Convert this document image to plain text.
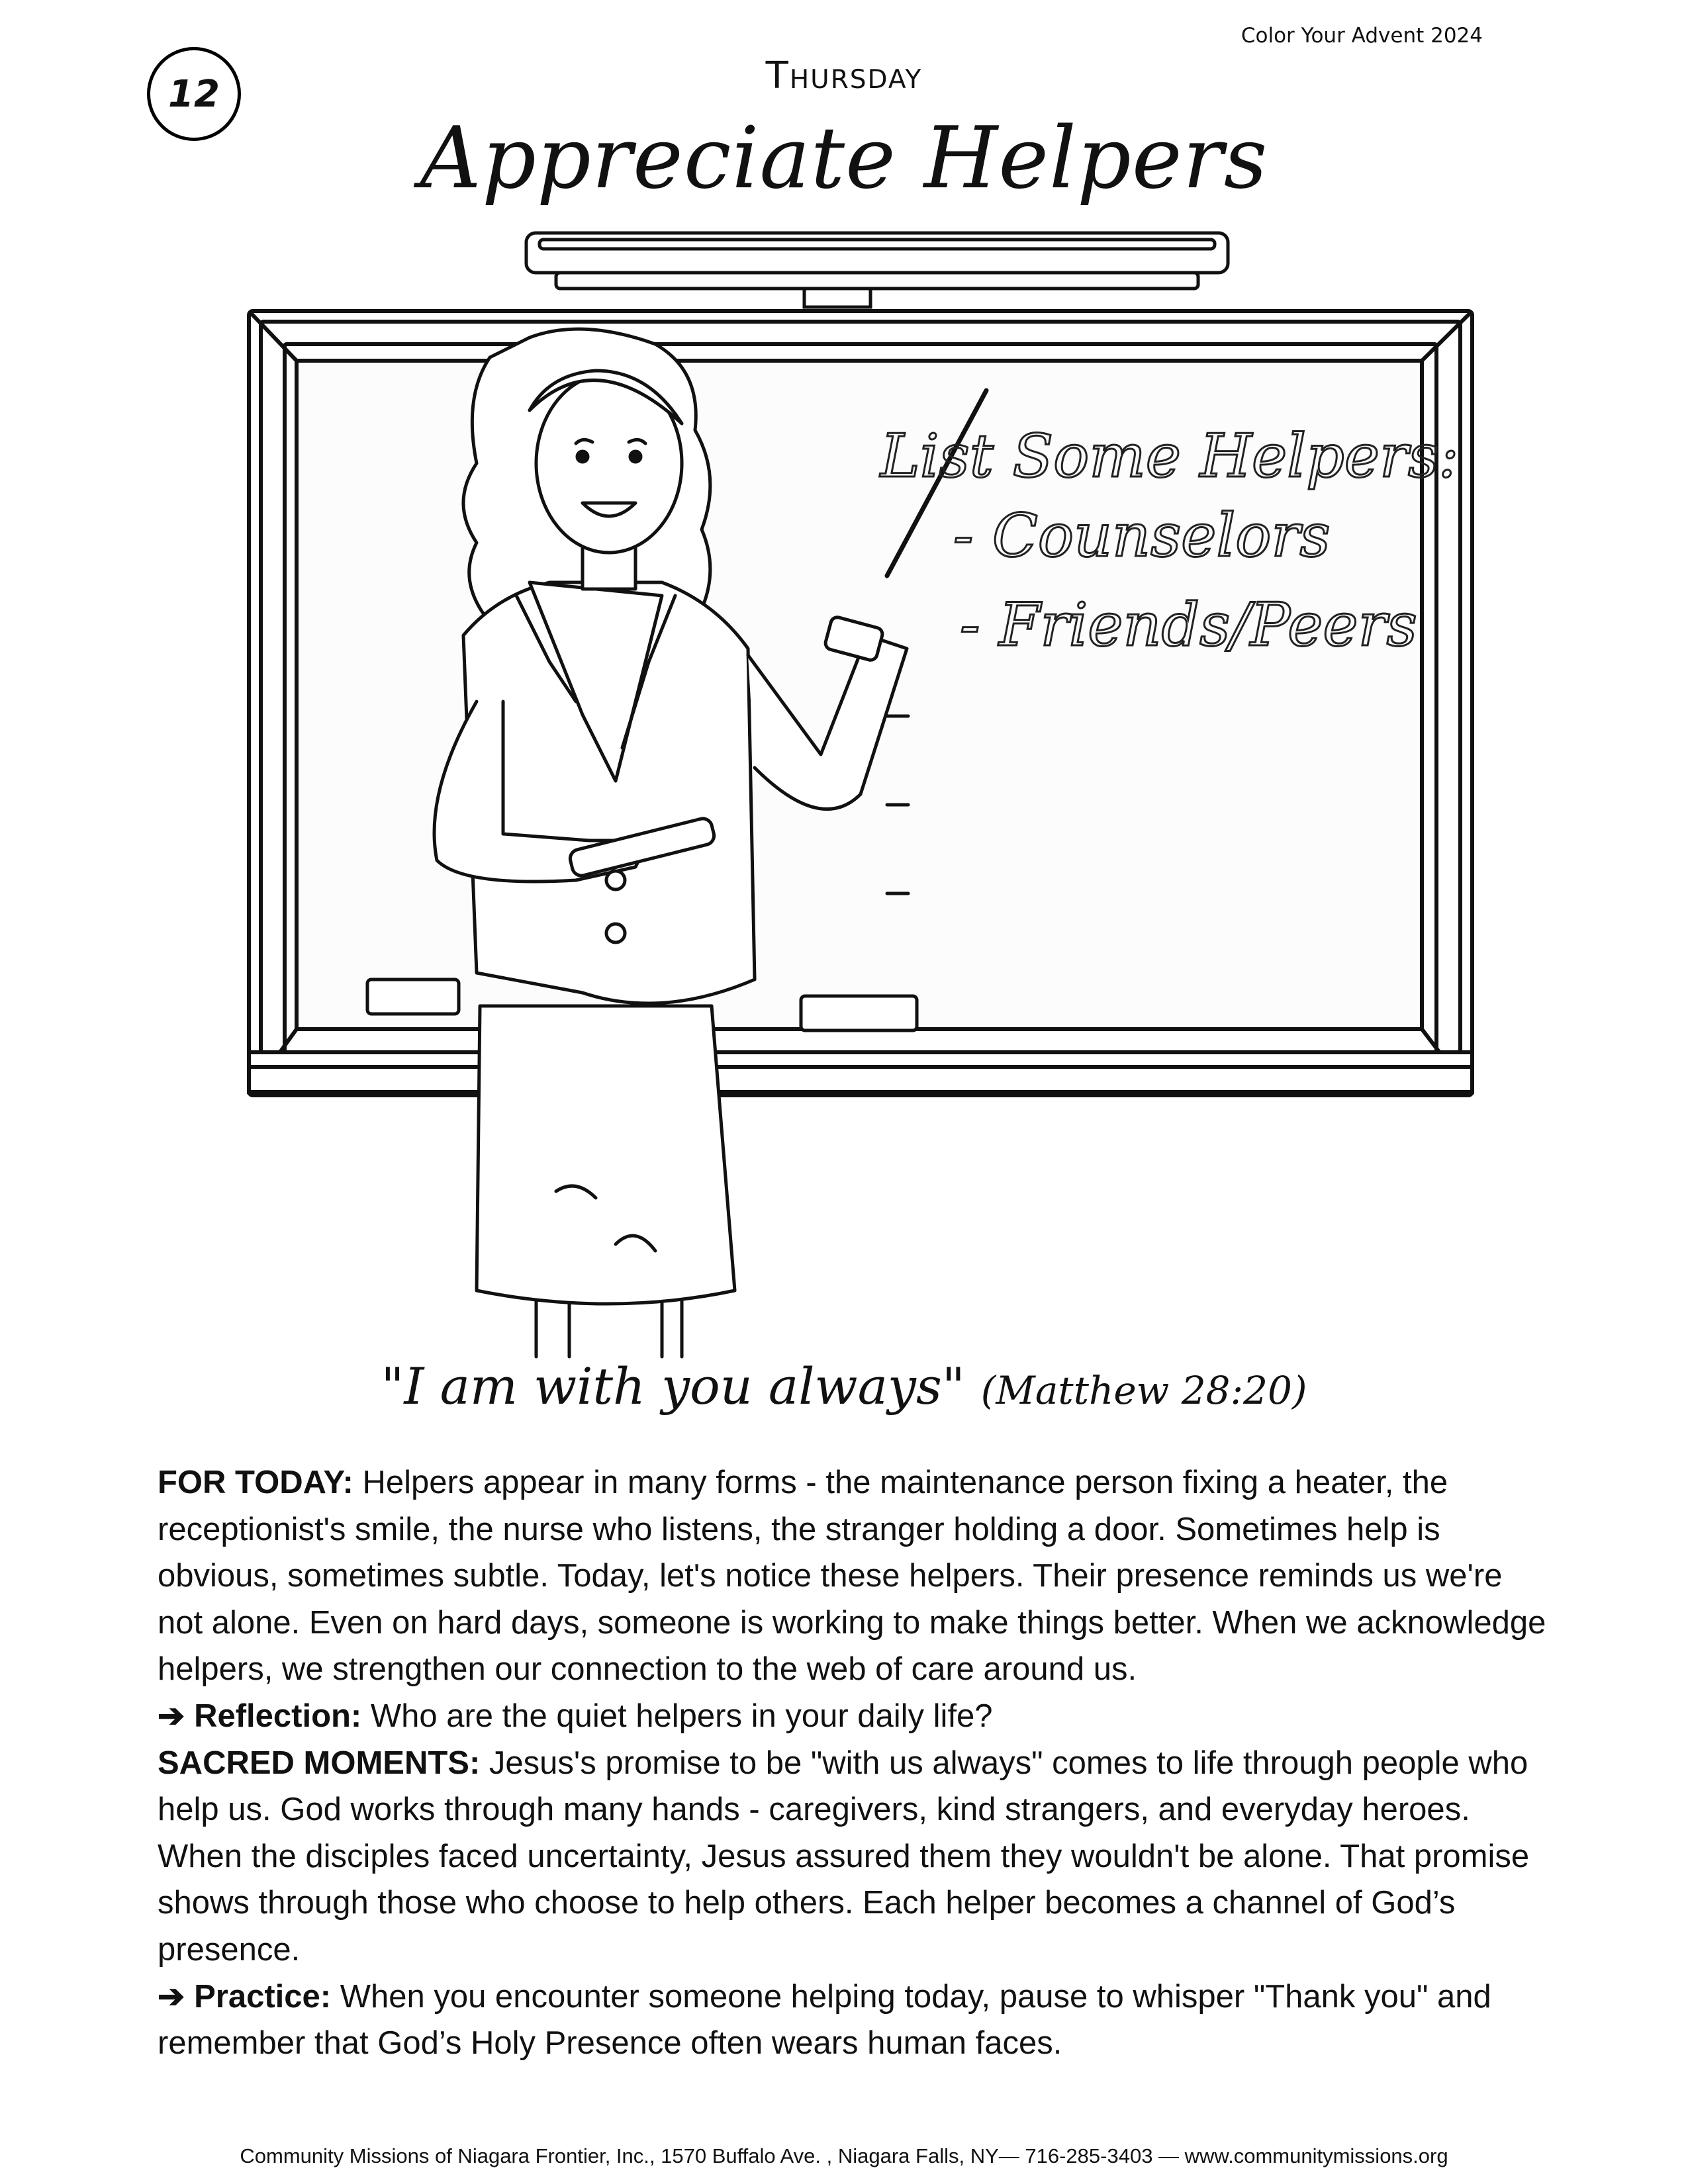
Color Your Advent 2024
12	Thursday
Appreciate Helpers
List Some Helpers:
- Counselors
- Friends/Peers
"I am with you always" (Matthew 28:20)

FOR TODAY: Helpers appear in many forms - the maintenance person fixing a heater, the receptionist's smile, the nurse who listens, the stranger holding a door. Sometimes help is obvious, sometimes subtle. Today, let's notice these helpers. Their presence reminds us we're not alone. Even on hard days, someone is working to make things better. When we acknowledge helpers, we strengthen our connection to the web of care around us.

➔ Reflection: Who are the quiet helpers in your daily life?

SACRED MOMENTS: Jesus's promise to be "with us always" comes to life through people who help us. God works through many hands - caregivers, kind strangers, and everyday heroes. When the disciples faced uncertainty, Jesus assured them they wouldn't be alone. That promise shows through those who choose to help others. Each helper becomes a channel of God’s presence.

➔ Practice: When you encounter someone helping today, pause to whisper "Thank you" and remember that God’s Holy Presence often wears human faces.

Community Missions of Niagara Frontier, Inc., 1570 Buffalo Ave. , Niagara Falls, NY— 716-285-3403 — www.communitymissions.org
